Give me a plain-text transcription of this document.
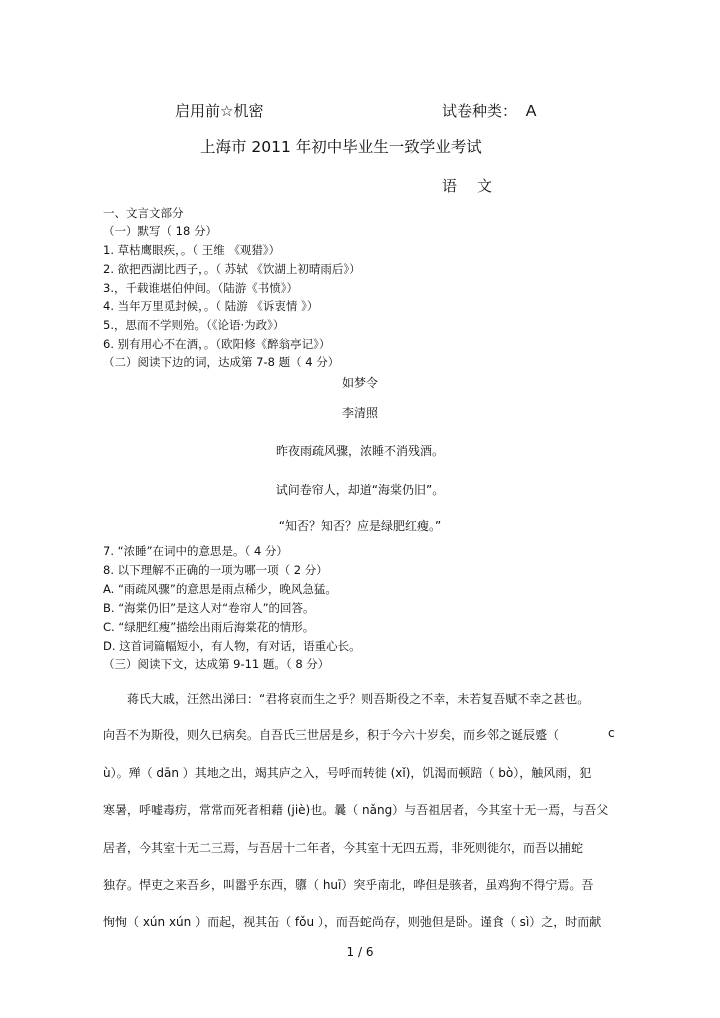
启用前☆机密	试卷种类： A
上海市 2011 年初中毕业生一致学业考试
语文
一、文言文部分
（一）默写（ 18 分）
1. 草枯鹰眼疾，。（ 王维 《观猎》）
2. 欲把西湖比西子，。（ 苏轼 《饮湖上初晴雨后》）
3.，千载谁堪伯仲间。（陆游《书愤》）
4. 当年万里觅封候，。（ 陆游 《诉衷情 》）
5.，思而不学则殆。（《论语·为政》）
6. 别有用心不在酒，。（欧阳修《醉翁亭记》）
（二）阅读下边的词，达成第 7-8 题（ 4 分）
如梦令
李清照
昨夜雨疏风骤，浓睡不消残酒。
试问卷帘人，却道“海棠仍旧”。
“知否？知否？应是绿肥红瘦。”
7. “浓睡”在词中的意思是。（ 4 分）
8. 以下理解不正确的一项为哪一项（ 2 分）
A. “雨疏风骤”的意思是雨点稀少，晚风急猛。
B. “海棠仍旧”是这人对“卷帘人”的回答。
C. “绿肥红瘦”描绘出雨后海棠花的情形。
D. 这首词篇幅短小，有人物，有对话，语重心长。
（三）阅读下文，达成第 9-11 题。（ 8 分）
蒋氏大戚，汪然出涕曰：“君将哀而生之乎？则吾斯役之不幸，未若复吾赋不幸之甚也。
向吾不为斯役，则久已病矣。自吾氏三世居是乡，积于今六十岁矣，而乡邻之诞辰蹙（	c
ù）。殚（ dān ）其地之出，竭其庐之入，号呼而转徙 (xǐ)，饥渴而顿踣（ bò），触风雨，犯
寒暑，呼嘘毒疠，常常而死者相藉 (jiè)也。曩（ nǎng）与吾祖居者，今其室十无一焉，与吾父
居者，今其室十无二三焉，与吾居十二年者，今其室十无四五焉，非死则徙尔，而吾以捕蛇
独存。悍吏之来吾乡，叫嚣乎东西，隳（ huī）突乎南北，哗但是骇者，虽鸡狗不得宁焉。吾
恂恂（ xún xún ）而起，视其缶（ fǒu ），而吾蛇尚存，则弛但是卧。谨食（ sì）之，时而献
1 / 6
